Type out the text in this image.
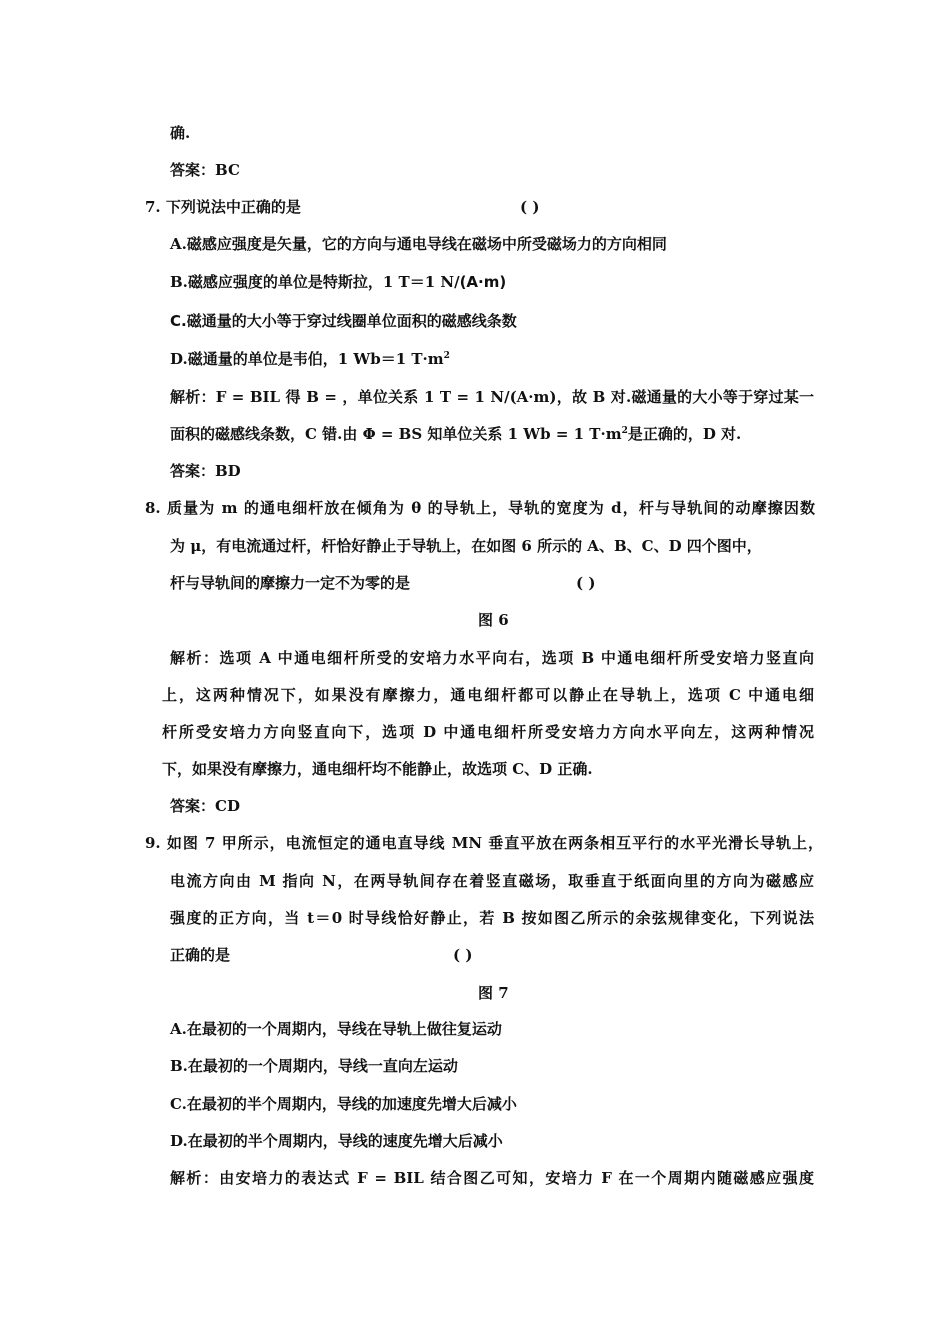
确.
答案：BC
7. 下列说法中正确的是	( )
A.磁感应强度是矢量，它的方向与通电导线在磁场中所受磁场力的方向相同
B.磁感应强度的单位是特斯拉，1 T＝1 N/(A·m)
C.磁通量的大小等于穿过线圈单位面积的磁感线条数
D.磁通量的单位是韦伯，1 Wb＝1 $T\cdot m^2$
解析：F = BIL 得 B = ，单位关系 1 T = 1 N/(A·m)，故 B 对.磁通量的大小等于穿过某一
面积的磁感线条数，C 错.由 Φ = BS 知单位关系 1 Wb = 1 $T\cdot m^2$是正确的，D 对.
答案：BD
8. 质量为 m 的通电细杆放在倾角为 θ 的导轨上，导轨的宽度为 d，杆与导轨间的动摩擦因数
为 μ，有电流通过杆，杆恰好静止于导轨上，在如图 6 所示的 A、B、C、D 四个图中，
杆与导轨间的摩擦力一定不为零的是	( )
图 6
解析：选项 A 中通电细杆所受的安培力水平向右，选项 B 中通电细杆所受安培力竖直向
上，这两种情况下，如果没有摩擦力，通电细杆都可以静止在导轨上，选项 C 中通电细
杆所受安培力方向竖直向下，选项 D 中通电细杆所受安培力方向水平向左，这两种情况
下，如果没有摩擦力，通电细杆均不能静止，故选项 C、D 正确.
答案：CD
9. 如图 7 甲所示，电流恒定的通电直导线 MN 垂直平放在两条相互平行的水平光滑长导轨上，
电流方向由 M 指向 N，在两导轨间存在着竖直磁场，取垂直于纸面向里的方向为磁感应
强度的正方向，当 t＝0 时导线恰好静止，若 B 按如图乙所示的余弦规律变化，下列说法
正确的是	( )
图 7
A.在最初的一个周期内，导线在导轨上做往复运动
B.在最初的一个周期内，导线一直向左运动
C.在最初的半个周期内，导线的加速度先增大后减小
D.在最初的半个周期内，导线的速度先增大后减小
解析：由安培力的表达式 F = BIL 结合图乙可知，安培力 F 在一个周期内随磁感应强度
